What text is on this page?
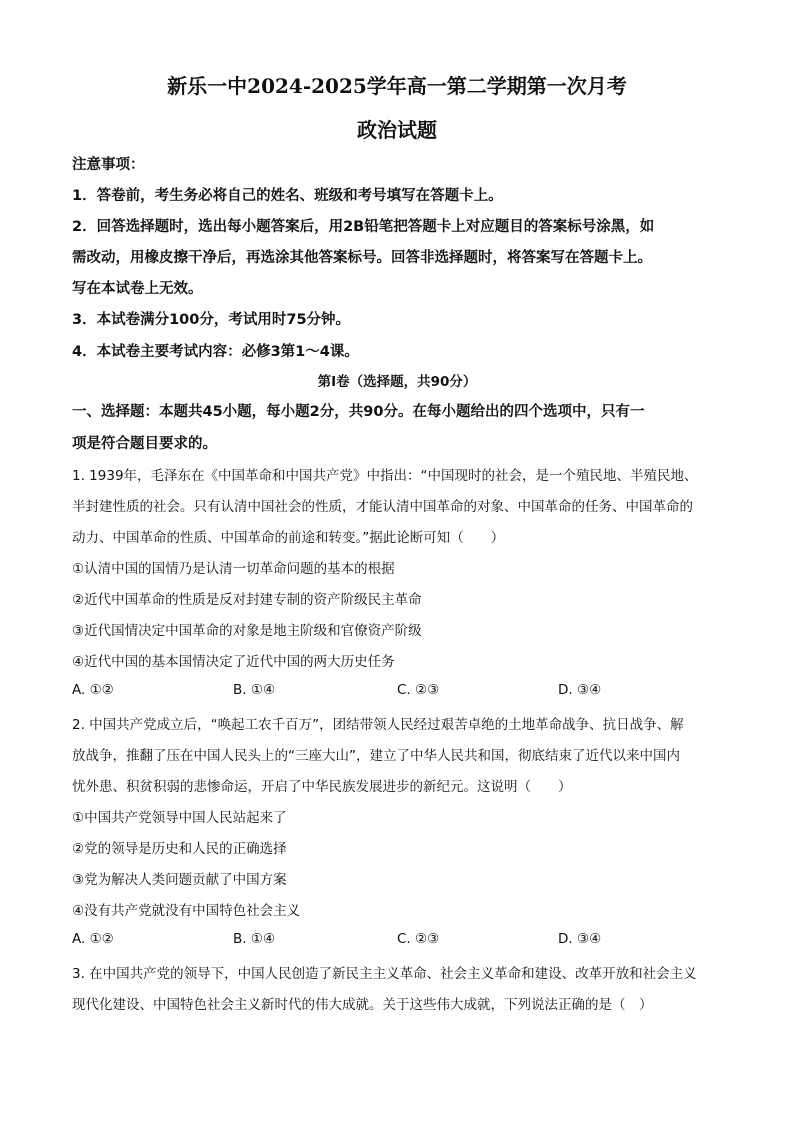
新乐一中2024-2025学年高一第二学期第一次月考
政治试题
注意事项：
1．答卷前，考生务必将自己的姓名、班级和考号填写在答题卡上。
2．回答选择题时，选出每小题答案后，用2B铅笔把答题卡上对应题目的答案标号涂黑，如
需改动，用橡皮擦干净后，再选涂其他答案标号。回答非选择题时，将答案写在答题卡上。
写在本试卷上无效。
3．本试卷满分100分，考试用时75分钟。
4．本试卷主要考试内容：必修3第1～4课。
第Ⅰ卷（选择题，共90分）
一、选择题：本题共45小题，每小题2分，共90分。在每小题给出的四个选项中，只有一
项是符合题目要求的。
1. 1939年，毛泽东在《中国革命和中国共产党》中指出：“中国现时的社会，是一个殖民地、半殖民地、
半封建性质的社会。只有认清中国社会的性质，才能认清中国革命的对象、中国革命的任务、中国革命的
动力、中国革命的性质、中国革命的前途和转变。”据此论断可知（　　）
①认清中国的国情乃是认清一切革命问题的基本的根据
②近代中国革命的性质是反对封建专制的资产阶级民主革命
③近代国情决定中国革命的对象是地主阶级和官僚资产阶级
④近代中国的基本国情决定了近代中国的两大历史任务
A. ①②	B. ①④	C. ②③	D. ③④
2. 中国共产党成立后，“唤起工农千百万”，团结带领人民经过艰苦卓绝的土地革命战争、抗日战争、解
放战争，推翻了压在中国人民头上的“三座大山”，建立了中华人民共和国，彻底结束了近代以来中国内
忧外患、积贫积弱的悲惨命运，开启了中华民族发展进步的新纪元。这说明（　　）
①中国共产党领导中国人民站起来了
②党的领导是历史和人民的正确选择
③党为解决人类问题贡献了中国方案
④没有共产党就没有中国特色社会主义
A. ①②	B. ①④	C. ②③	D. ③④
3. 在中国共产党的领导下，中国人民创造了新民主主义革命、社会主义革命和建设、改革开放和社会主义
现代化建设、中国特色社会主义新时代的伟大成就。关于这些伟大成就，下列说法正确的是（　）
